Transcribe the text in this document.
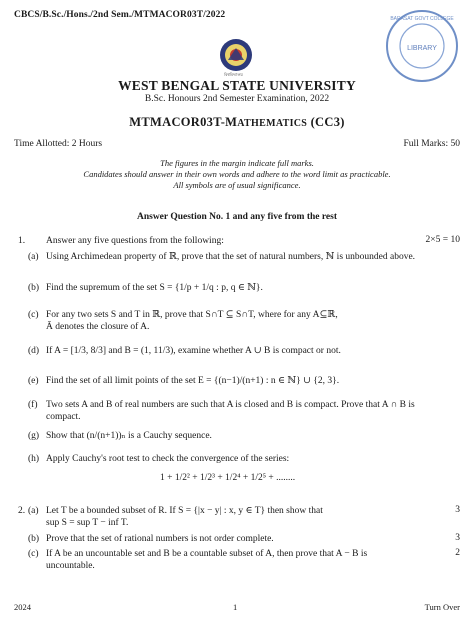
CBCS/B.Sc./Hons./2nd Sem./MTMACOR03T/2022	BARASAT GOVT COLLEGE
LIBRARY
বিশ্ববিদ্যালয়
WEST BENGAL STATE UNIVERSITY
B.Sc. Honours 2nd Semester Examination, 2022
MTMACOR03T-MATHEMATICS (CC3)
Time Allotted: 2 Hours	Full Marks: 50
The figures in the margin indicate full marks.
Candidates should answer in their own words and adhere to the word limit as practicable.
All symbols are of usual significance.
Answer Question No. 1 and any five from the rest
1. Answer any five questions from the following:	2×5 = 10
(a) Using Archimedean property of ℝ, prove that the set of natural numbers, ℕ is unbounded above.
(b) Find the supremum of the set S = {1/p + 1/q : p, q ∈ ℕ}.
(c) For any two sets S and T in ℝ, prove that S∩T ⊆ S∩T, where for any A⊆ℝ,
Ā denotes the closure of A.
(d) If A = [1/3, 8/3] and B = (1, 11/3), examine whether A ∪ B is compact or not.
(e) Find the set of all limit points of the set E = {(n−1)/(n+1) : n ∈ ℕ} ∪ {2, 3}.
(f) Two sets A and B of real numbers are such that A is closed and B is compact. Prove that A ∩ B is compact.
(g) Show that (n/(n+1))ₙ is a Cauchy sequence.
(h) Apply Cauchy's root test to check the convergence of the series:
1 + 1/2² + 1/2³ + 1/2⁴ + 1/2⁵ + ........
2. (a) Let T be a bounded subset of R. If S = {|x − y| : x, y ∈ T} then show that
sup S = sup T − inf T.
3
(b) Prove that the set of rational numbers is not order complete.	3
(c) If A be an uncountable set and B be a countable subset of A, then prove that A − B is uncountable.
2
2024	1	Turn Over
